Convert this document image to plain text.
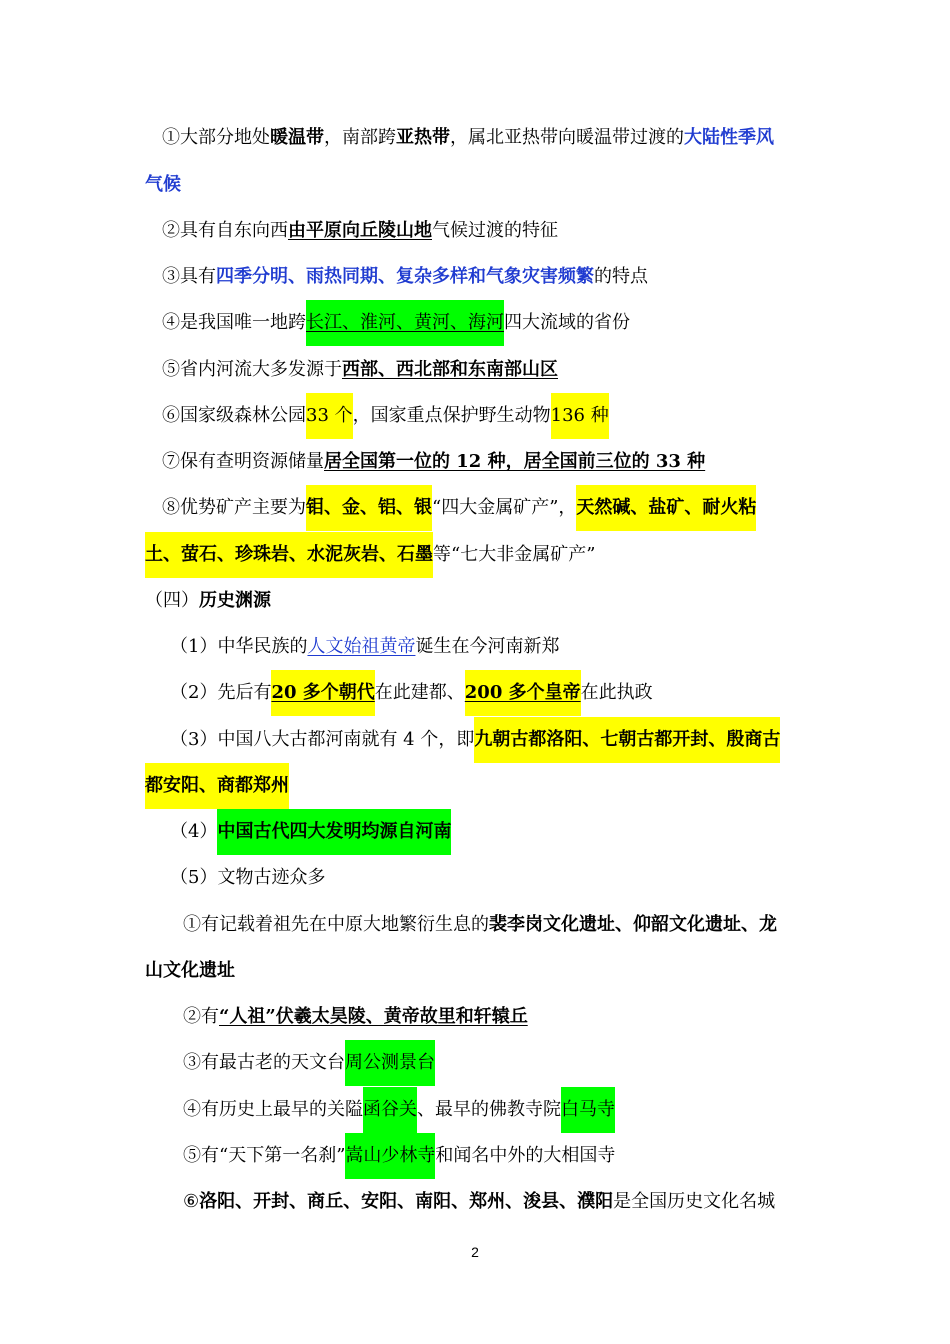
①大部分地处暖温带，南部跨亚热带，属北亚热带向暖温带过渡的大陆性季风
气候
②具有自东向西由平原向丘陵山地气候过渡的特征
③具有四季分明、雨热同期、复杂多样和气象灾害频繁的特点
④是我国唯一地跨长江、淮河、黄河、海河四大流域的省份
⑤省内河流大多发源于西部、西北部和东南部山区
⑥国家级森林公园33 个，国家重点保护野生动物136 种
⑦保有查明资源储量居全国第一位的 12 种，居全国前三位的 33 种
⑧优势矿产主要为钼、金、铝、银“四大金属矿产”，天然碱、盐矿、耐火粘
土、萤石、珍珠岩、水泥灰岩、石墨等“七大非金属矿产”
（四）历史渊源
（1）中华民族的人文始祖黄帝诞生在今河南新郑
（2）先后有20 多个朝代在此建都、200 多个皇帝在此执政
（3）中国八大古都河南就有 4 个，即九朝古都洛阳、七朝古都开封、殷商古
都安阳、商都郑州
（4）中国古代四大发明均源自河南
（5）文物古迹众多
①有记载着祖先在中原大地繁衍生息的裴李岗文化遗址、仰韶文化遗址、龙
山文化遗址
②有“人祖”伏羲太昊陵、黄帝故里和轩辕丘
③有最古老的天文台周公测景台
④有历史上最早的关隘函谷关、最早的佛教寺院白马寺
⑤有“天下第一名刹”嵩山少林寺和闻名中外的大相国寺
⑥洛阳、开封、商丘、安阳、南阳、郑州、浚县、濮阳是全国历史文化名城
2
